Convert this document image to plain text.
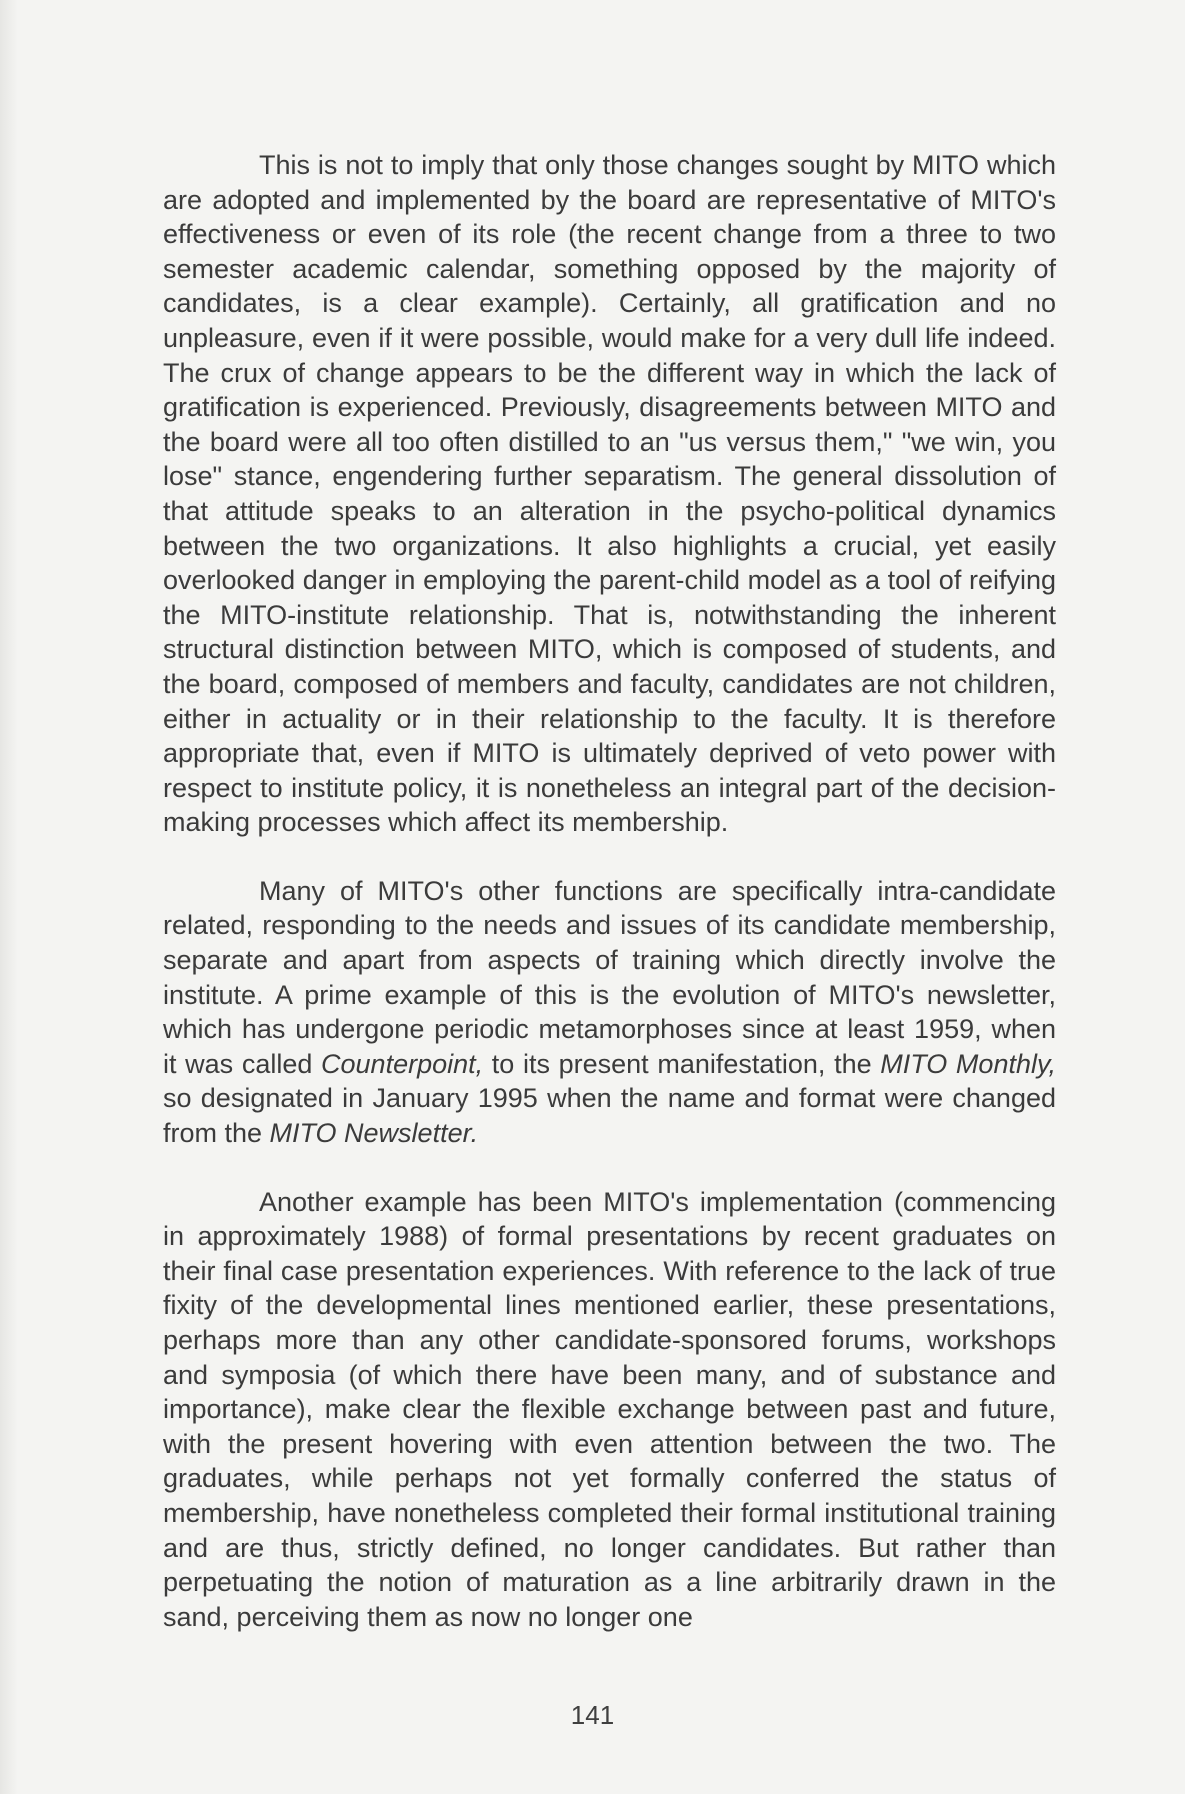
This is not to imply that only those changes sought by MITO which are adopted and implemented by the board are representative of MITO's effectiveness or even of its role (the recent change from a three to two semester academic calendar, something opposed by the majority of candidates, is a clear example). Certainly, all gratification and no unpleasure, even if it were possible, would make for a very dull life indeed. The crux of change appears to be the different way in which the lack of gratification is experienced. Previously, disagreements between MITO and the board were all too often distilled to an "us versus them," "we win, you lose" stance, engendering further separatism. The general dissolution of that attitude speaks to an alteration in the psycho-political dynamics between the two organizations. It also highlights a crucial, yet easily overlooked danger in employing the parent-child model as a tool of reifying the MITO-institute relationship. That is, notwithstanding the inherent structural distinction between MITO, which is composed of students, and the board, composed of members and faculty, candidates are not children, either in actuality or in their relationship to the faculty. It is therefore appropriate that, even if MITO is ultimately deprived of veto power with respect to institute policy, it is nonetheless an integral part of the decision-making processes which affect its membership.

Many of MITO's other functions are specifically intra-candidate related, responding to the needs and issues of its candidate membership, separate and apart from aspects of training which directly involve the institute. A prime example of this is the evolution of MITO's newsletter, which has undergone periodic metamorphoses since at least 1959, when it was called Counterpoint, to its present manifestation, the MITO Monthly, so designated in January 1995 when the name and format were changed from the MITO Newsletter.

Another example has been MITO's implementation (commencing in approximately 1988) of formal presentations by recent graduates on their final case presentation experiences. With reference to the lack of true fixity of the developmental lines mentioned earlier, these presentations, perhaps more than any other candidate-sponsored forums, workshops and symposia (of which there have been many, and of substance and importance), make clear the flexible exchange between past and future, with the present hovering with even attention between the two. The graduates, while perhaps not yet formally conferred the status of membership, have nonetheless completed their formal institutional training and are thus, strictly defined, no longer candidates. But rather than perpetuating the notion of maturation as a line arbitrarily drawn in the sand, perceiving them as now no longer one

141
